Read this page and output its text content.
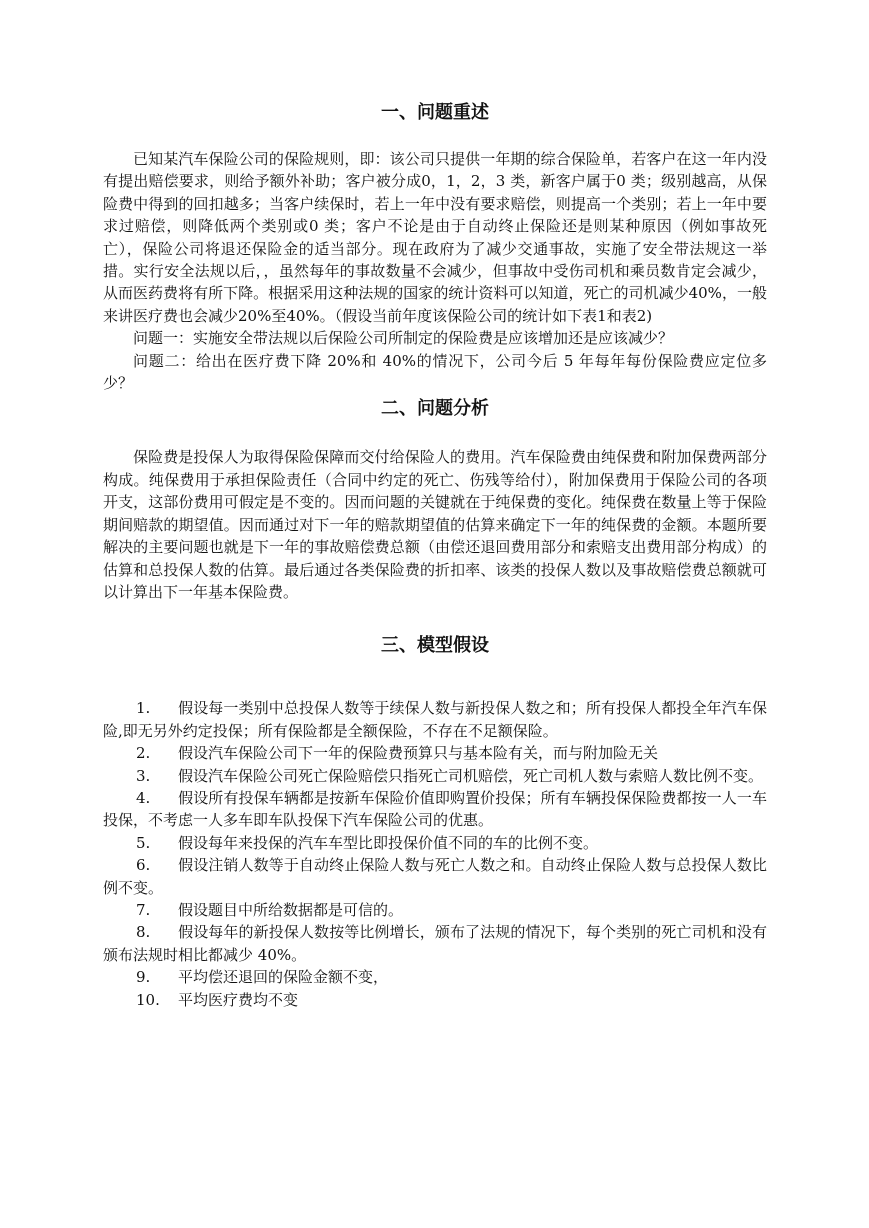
一、问题重述

已知某汽车保险公司的保险规则，即：该公司只提供一年期的综合保险单，若客户在这一年内没有提出赔偿要求，则给予额外补助；客户被分成0，1，2，3 类，新客户属于0 类；级别越高，从保险费中得到的回扣越多；当客户续保时，若上一年中没有要求赔偿，则提高一个类别；若上一年中要求过赔偿，则降低两个类别或0 类；客户不论是由于自动终止保险还是则某种原因（例如事故死亡），保险公司将退还保险金的适当部分。现在政府为了减少交通事故，实施了安全带法规这一举措。实行安全法规以后，，虽然每年的事故数量不会减少，但事故中受伤司机和乘员数肯定会减少，从而医药费将有所下降。根据采用这种法规的国家的统计资料可以知道，死亡的司机减少40%，一般来讲医疗费也会减少20%至40%。（假设当前年度该保险公司的统计如下表1和表2)

问题一：实施安全带法规以后保险公司所制定的保险费是应该增加还是应该减少？

问题二：给出在医疗费下降 20%和 40%的情况下，公司今后 5 年每年每份保险费应定位多少？

二、问题分析

保险费是投保人为取得保险保障而交付给保险人的费用。汽车保险费由纯保费和附加保费两部分构成。纯保费用于承担保险责任（合同中约定的死亡、伤残等给付），附加保费用于保险公司的各项开支，这部份费用可假定是不变的。因而问题的关键就在于纯保费的变化。纯保费在数量上等于保险期间赔款的期望值。因而通过对下一年的赔款期望值的估算来确定下一年的纯保费的金额。本题所要解决的主要问题也就是下一年的事故赔偿费总额（由偿还退回费用部分和索赔支出费用部分构成）的估算和总投保人数的估算。最后通过各类保险费的折扣率、该类的投保人数以及事故赔偿费总额就可以计算出下一年基本保险费。

三、模型假设

1. 假设每一类别中总投保人数等于续保人数与新投保人数之和；所有投保人都投全年汽车保险,即无另外约定投保；所有保险都是全额保险，不存在不足额保险。

2. 假设汽车保险公司下一年的保险费预算只与基本险有关，而与附加险无关

3. 假设汽车保险公司死亡保险赔偿只指死亡司机赔偿，死亡司机人数与索赔人数比例不变。

4. 假设所有投保车辆都是按新车保险价值即购置价投保；所有车辆投保保险费都按一人一车投保，不考虑一人多车即车队投保下汽车保险公司的优惠。

5. 假设每年来投保的汽车车型比即投保价值不同的车的比例不变。

6. 假设注销人数等于自动终止保险人数与死亡人数之和。自动终止保险人数与总投保人数比例不变。

7. 假设题目中所给数据都是可信的。

8. 假设每年的新投保人数按等比例增长，颁布了法规的情况下，每个类别的死亡司机和没有颁布法规时相比都减少 40%。

9. 平均偿还退回的保险金额不变，

10. 平均医疗费均不变
